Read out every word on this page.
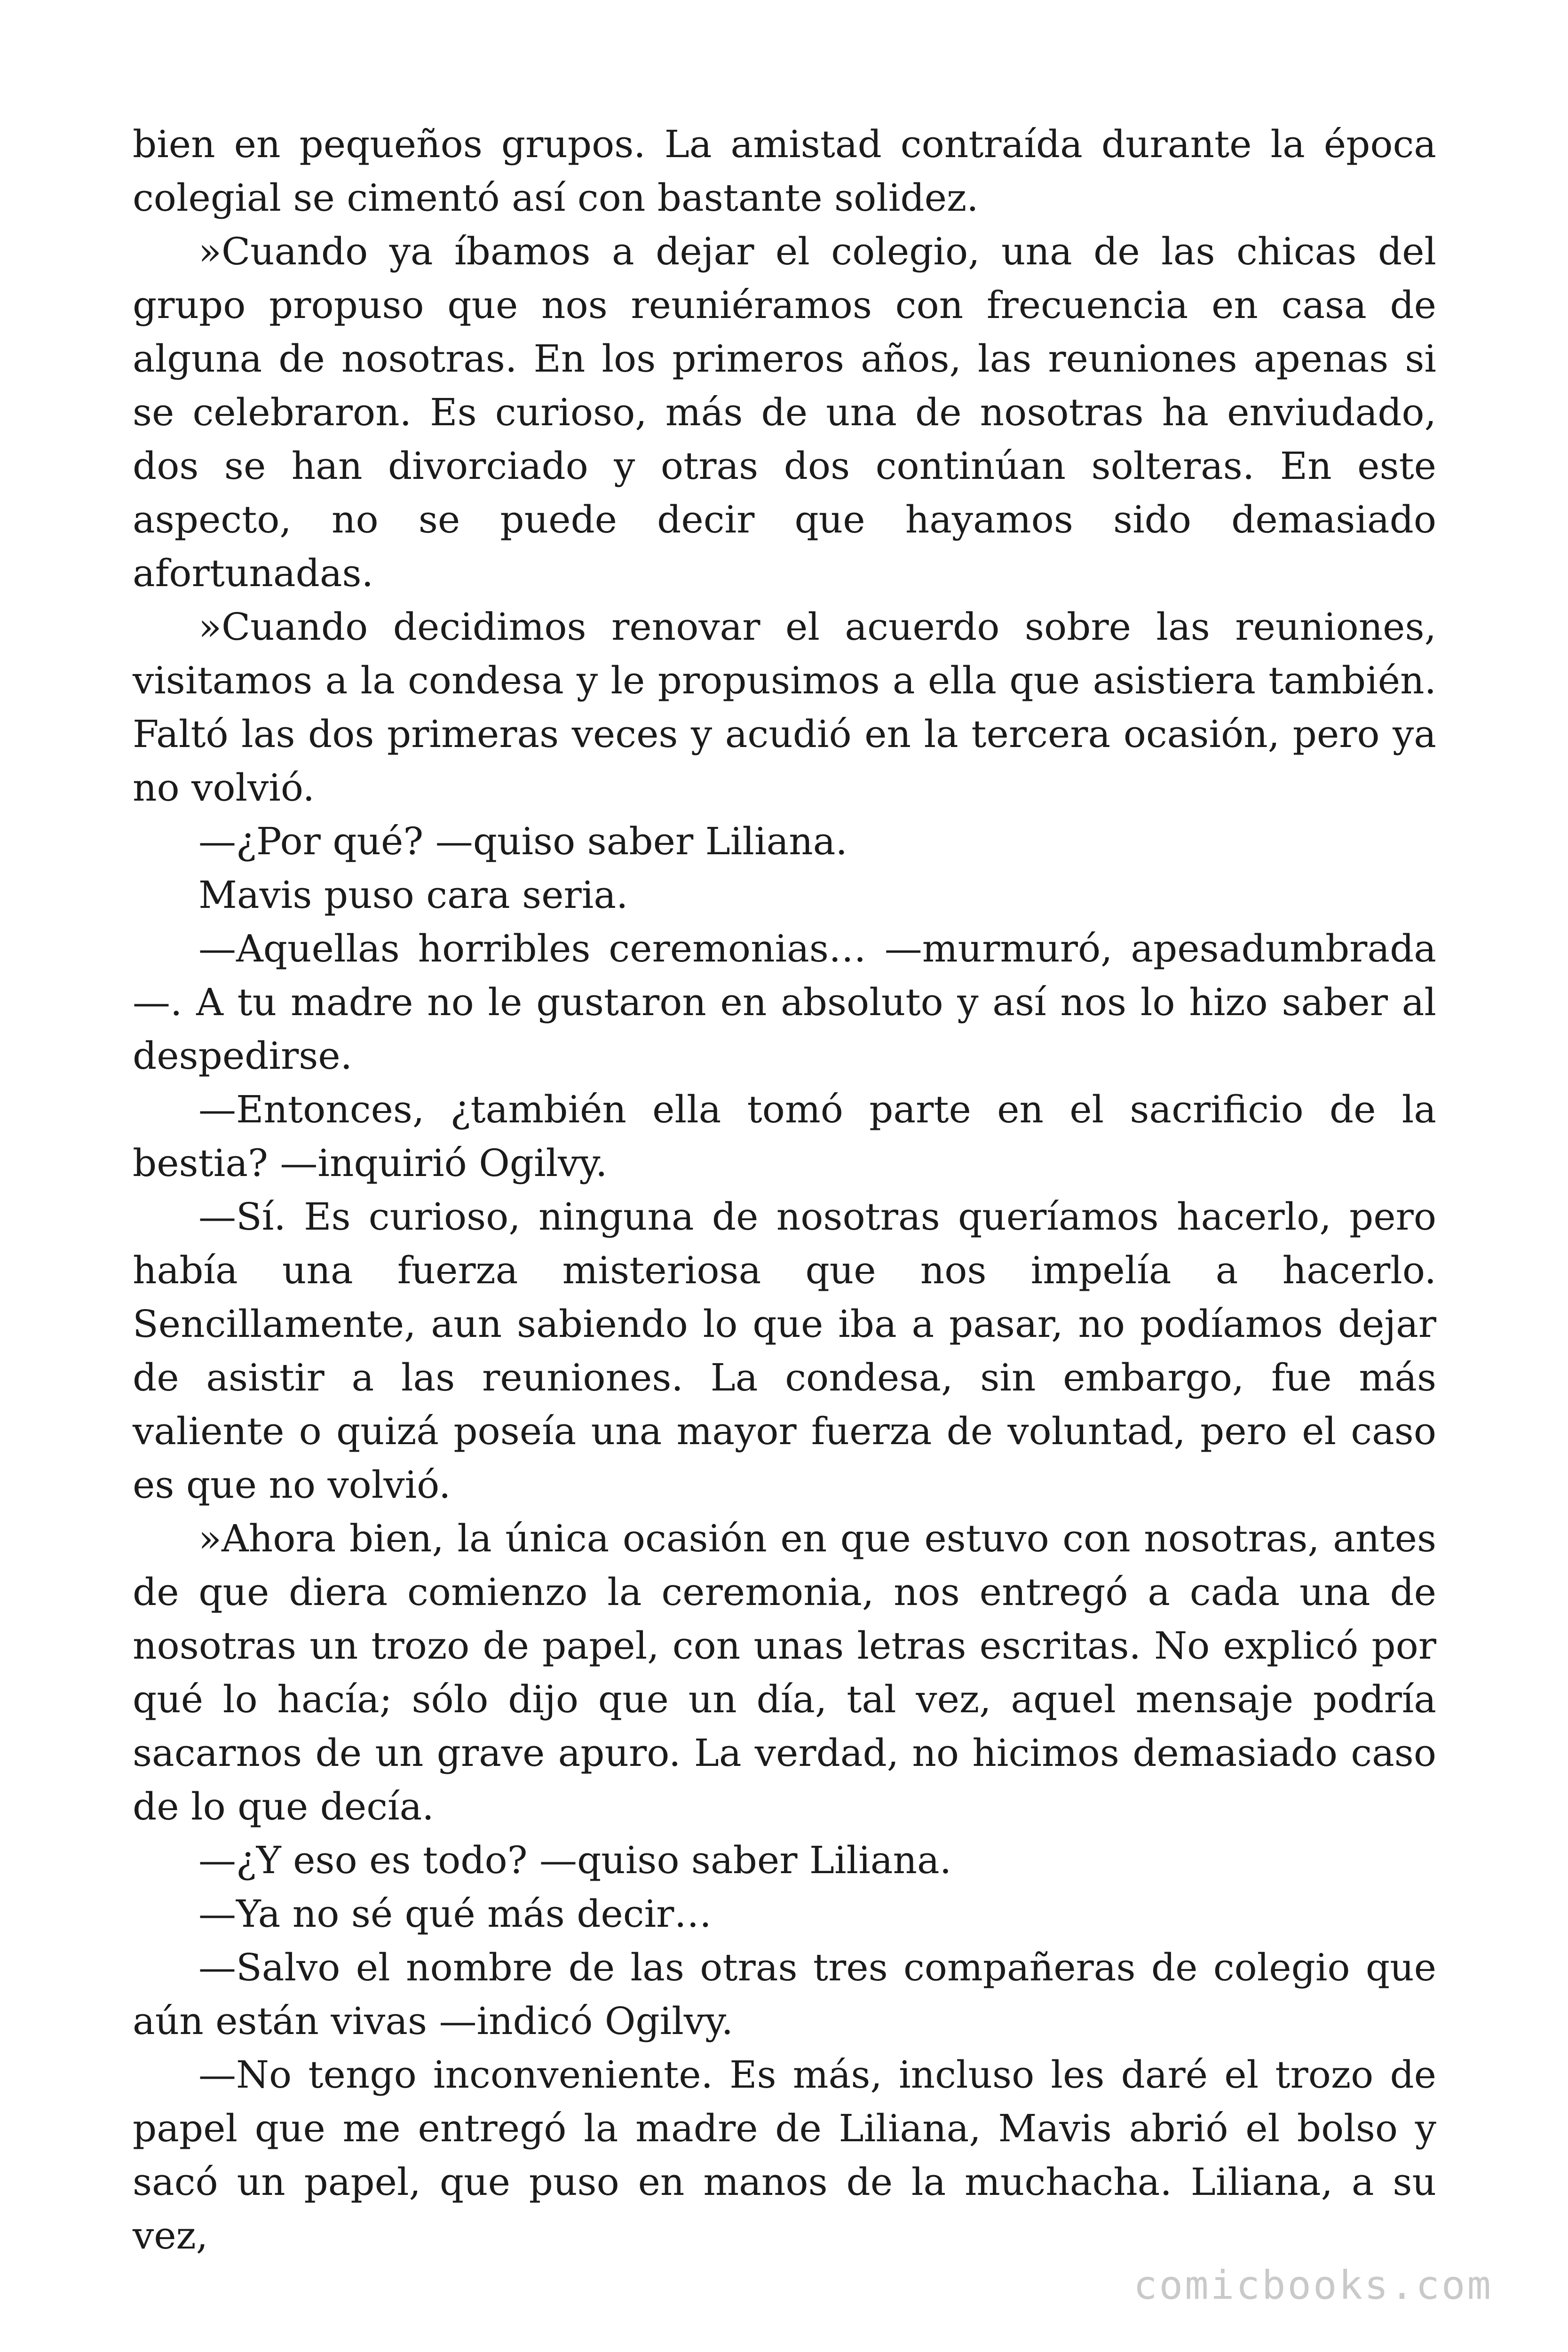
bien en pequeños grupos. La amistad contraída durante la época colegial se cimentó así con bastante solidez.

»Cuando ya íbamos a dejar el colegio, una de las chicas del grupo propuso que nos reuniéramos con frecuencia en casa de alguna de nosotras. En los primeros años, las reuniones apenas si se celebraron. Es curioso, más de una de nosotras ha enviudado, dos se han divorciado y otras dos continúan solteras. En este aspecto, no se puede decir que hayamos sido demasiado afortunadas.

»Cuando decidimos renovar el acuerdo sobre las reuniones, visitamos a la condesa y le propusimos a ella que asistiera también. Faltó las dos primeras veces y acudió en la tercera ocasión, pero ya no volvió.

—¿Por qué? —quiso saber Liliana.

Mavis puso cara seria.

—Aquellas horribles ceremonias… —murmuró, apesadumbrada —. A tu madre no le gustaron en absoluto y así nos lo hizo saber al despedirse.

—Entonces, ¿también ella tomó parte en el sacrificio de la bestia? —inquirió Ogilvy.

—Sí. Es curioso, ninguna de nosotras queríamos hacerlo, pero había una fuerza misteriosa que nos impelía a hacerlo. Sencillamente, aun sabiendo lo que iba a pasar, no podíamos dejar de asistir a las reuniones. La condesa, sin embargo, fue más valiente o quizá poseía una mayor fuerza de voluntad, pero el caso es que no volvió.

»Ahora bien, la única ocasión en que estuvo con nosotras, antes de que diera comienzo la ceremonia, nos entregó a cada una de nosotras un trozo de papel, con unas letras escritas. No explicó por qué lo hacía; sólo dijo que un día, tal vez, aquel mensaje podría sacarnos de un grave apuro. La verdad, no hicimos demasiado caso de lo que decía.

—¿Y eso es todo? —quiso saber Liliana.

—Ya no sé qué más decir…

—Salvo el nombre de las otras tres compañeras de colegio que aún están vivas —indicó Ogilvy.

—No tengo inconveniente. Es más, incluso les daré el trozo de papel que me entregó la madre de Liliana, Mavis abrió el bolso y sacó un papel, que puso en manos de la muchacha. Liliana, a su vez,

comicbooks.com
